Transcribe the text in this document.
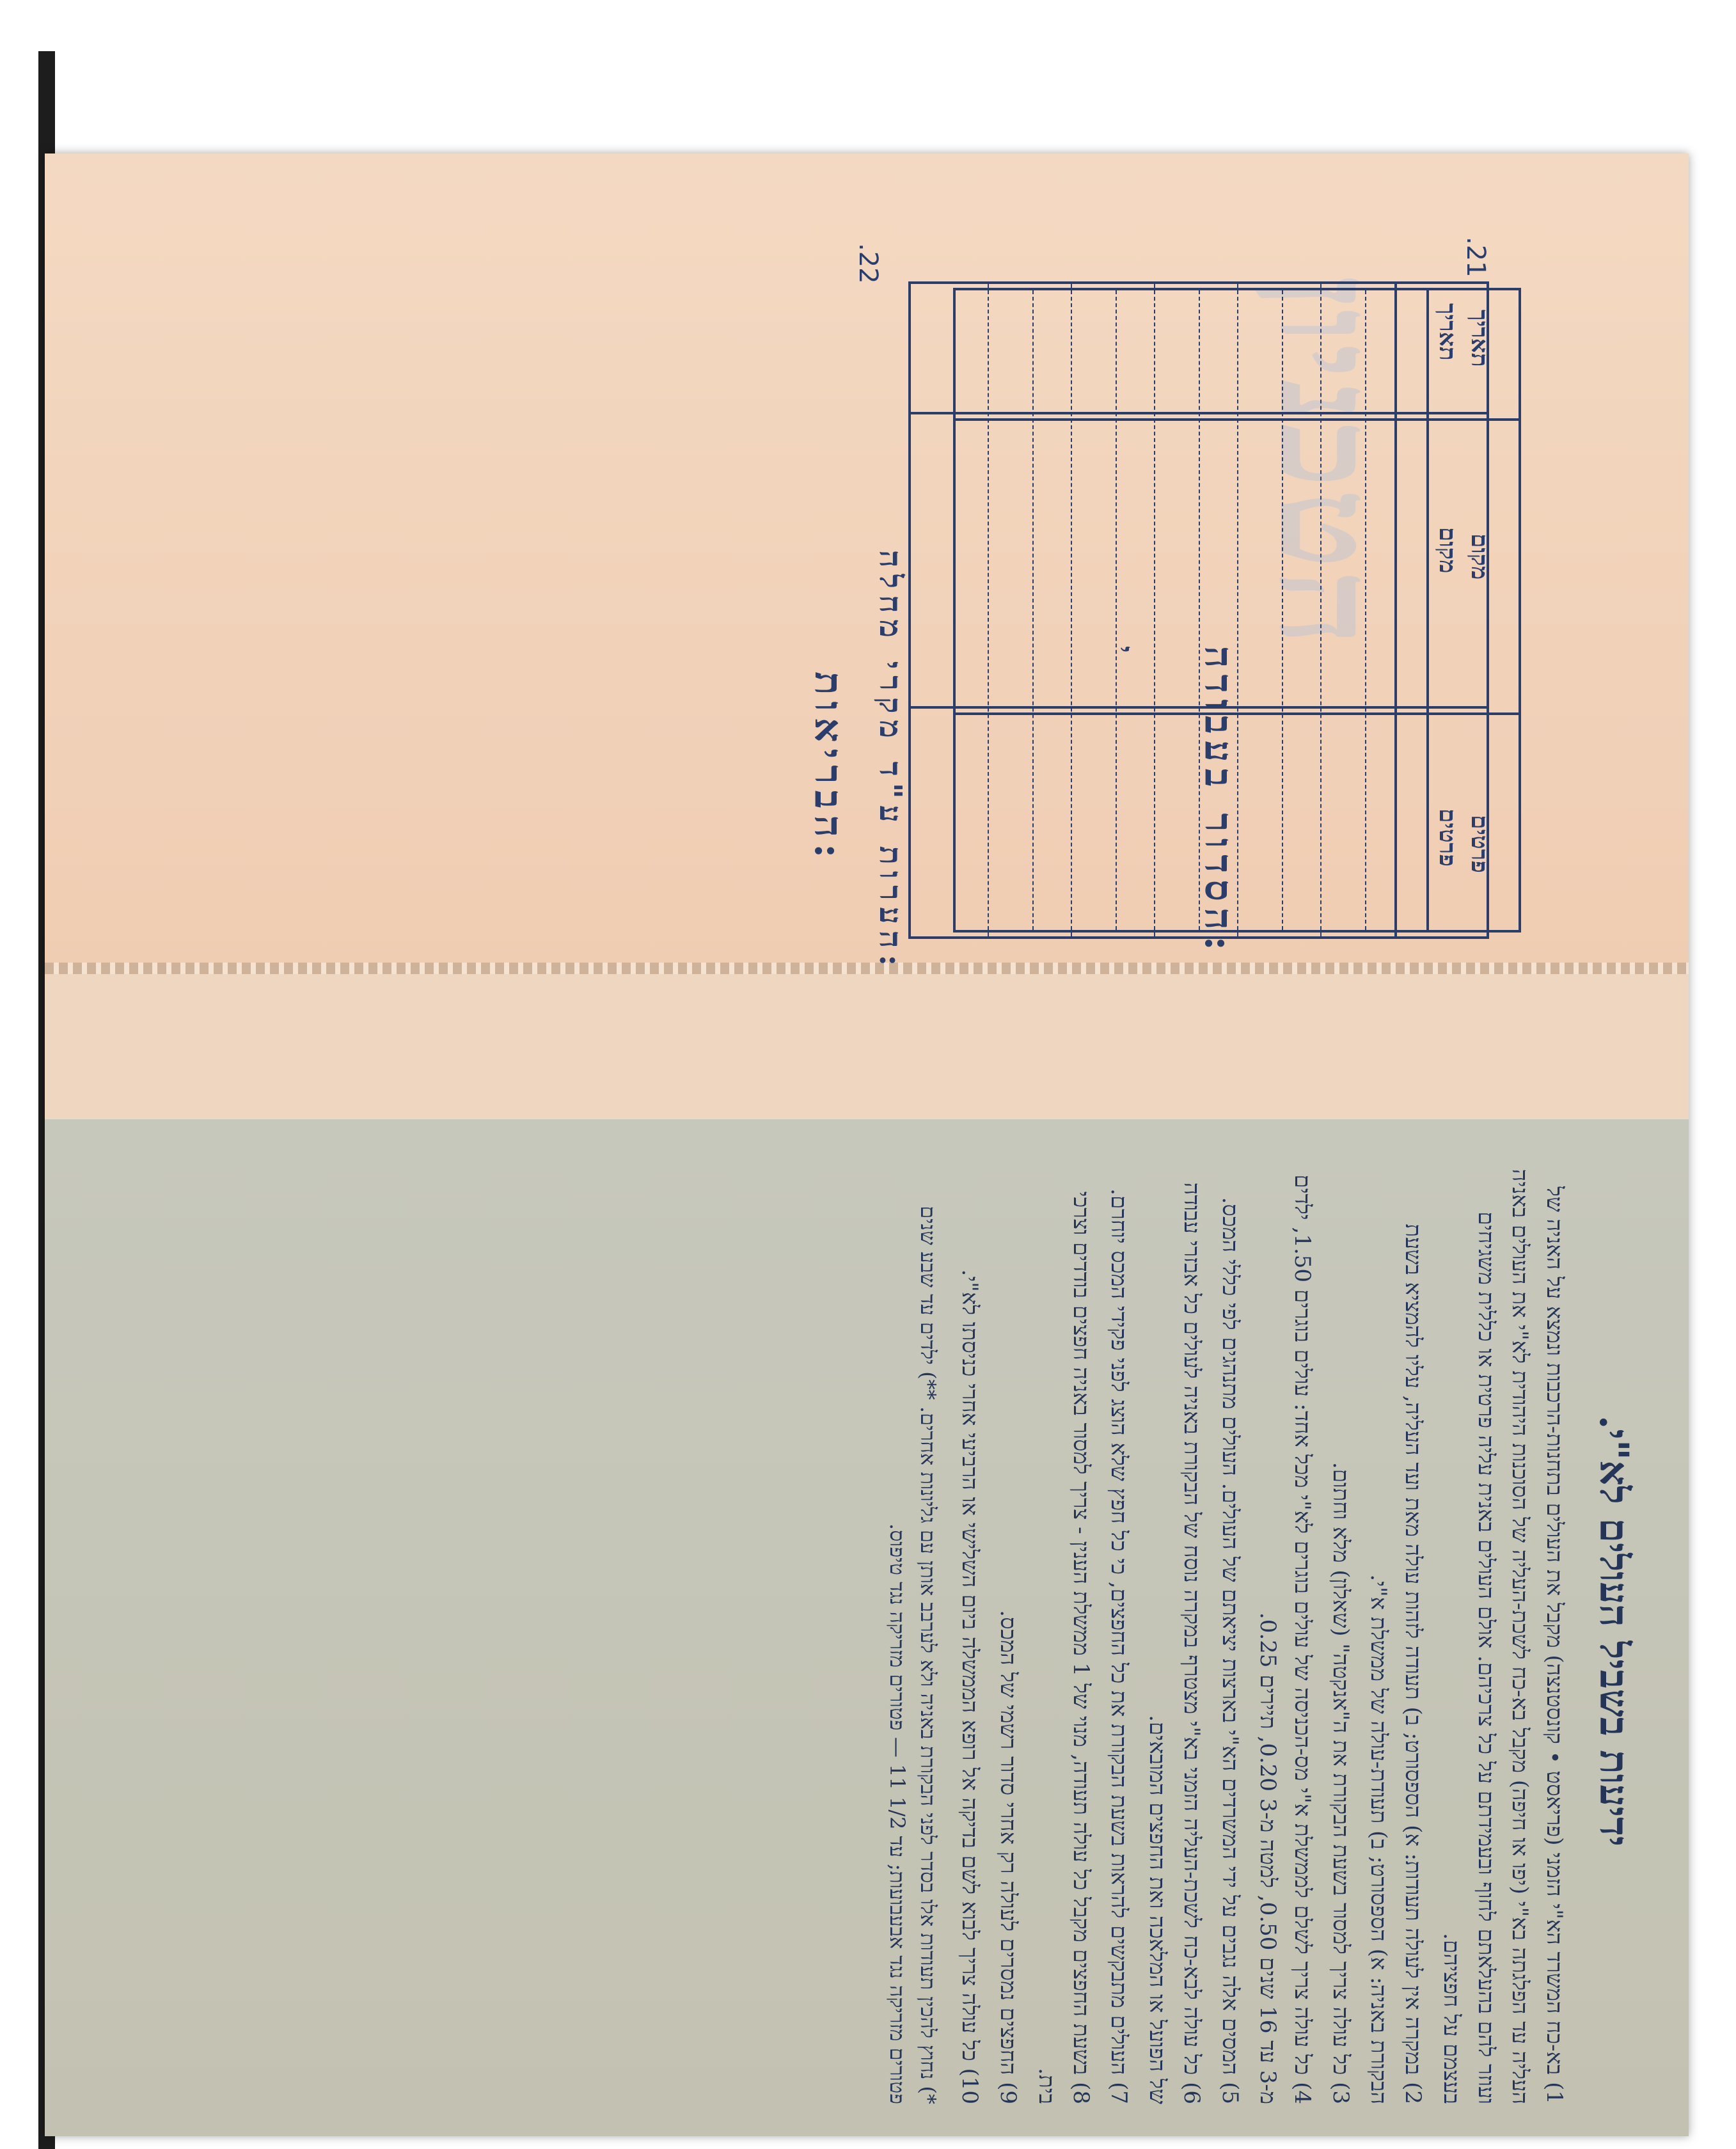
הטכניון
.21
הסדור בעבודה:
י
תאריך
מקום
פרטים
.22
הבריאות: הערות ע"ד מקרי מחלה:
תאריך
מקום
פרטים
ידיעות בשביל העולים לא"י.
1) בא-כח המשרד הא"י הזמני (פריאסט • קונסטנצה) מקבל את העולים בתחנות-הרכבות ונמצא על האניה של העליה עד הפלגתה בא"י (יפו או חיפה) מקבל בא-כח לשכת-העליה של הסוכנות היהודית לא"י את העולים באניה ועוזר להם בהעלאתם לחוף ובעמידתם על כל צרכיהם. אולם העולים באנית עליה פרטית או כללית משגיחים בעצמם על חפציהם.
2) במקרה אין לעולה תעודות: א) הספסורט; ב) תעודה לזהות עולה מאת ועד העליה, עליו להמציא בשעת הבקורת באניה: א) הספסורט; ב) תעודת-עולה של ממשלת א"י.
3) כל עולה צריך למסור בשעת הבקורת את ה"אנקטה" (שאלון) מלא וחתום.
4) כל עולה צריך לשלם לממשלת א"י מס-הכניסה של עולים בוגרים לא"י מכל אחד: עולים בוגרים 1.50, ילדים מ-3 עד 16 שנים 0.50, למטה מ-3 0.20, תיירים 0.25.
5) המסים אלה נגבים על ידי המשרדים הא"י בארצות יציאתם של העולים. העולים מתנהגים לפי כללי המכס.
6) כל עולה לבא-כח לשכת-העליה הזמני בא"י מצטרף במקרה נוסח של הבקורת באניה לעולים כל אבזרי עבודה של הפועל או המלאכה ואת החפצים המובאים.
7) העולים מתבקשים להראות בשעת הבקורת את כל החפצים, כי כל חפץ שלא הוצג לפני פקידי המכס יוחרם.
8) בשעת החפצים מקבל כל עולה תעודה, מנוי של 1 ממשלת הענין - צריך למסור באניה חפצים בודדים וצרכי בית.
9) החפצים נמסרים לעולה רק אחרי סדור רשמי של המכס.
10) כל עולה צריך לבוא לשם בדיקה אל רופא הממשלה ביום השלישי או הרביעי אחרי כניסתו לא"י.
*) נחוץ להכין תעודות אלו בסדר לפני הבקורת באניה ולא לערבב אותן עם גליונות אחרים. **) ילדים עד שבע שנים פטורים מזריקה נגד אבעבועות; עד 1/2 11 — פטורים מזריקה נגד טיפוס.
